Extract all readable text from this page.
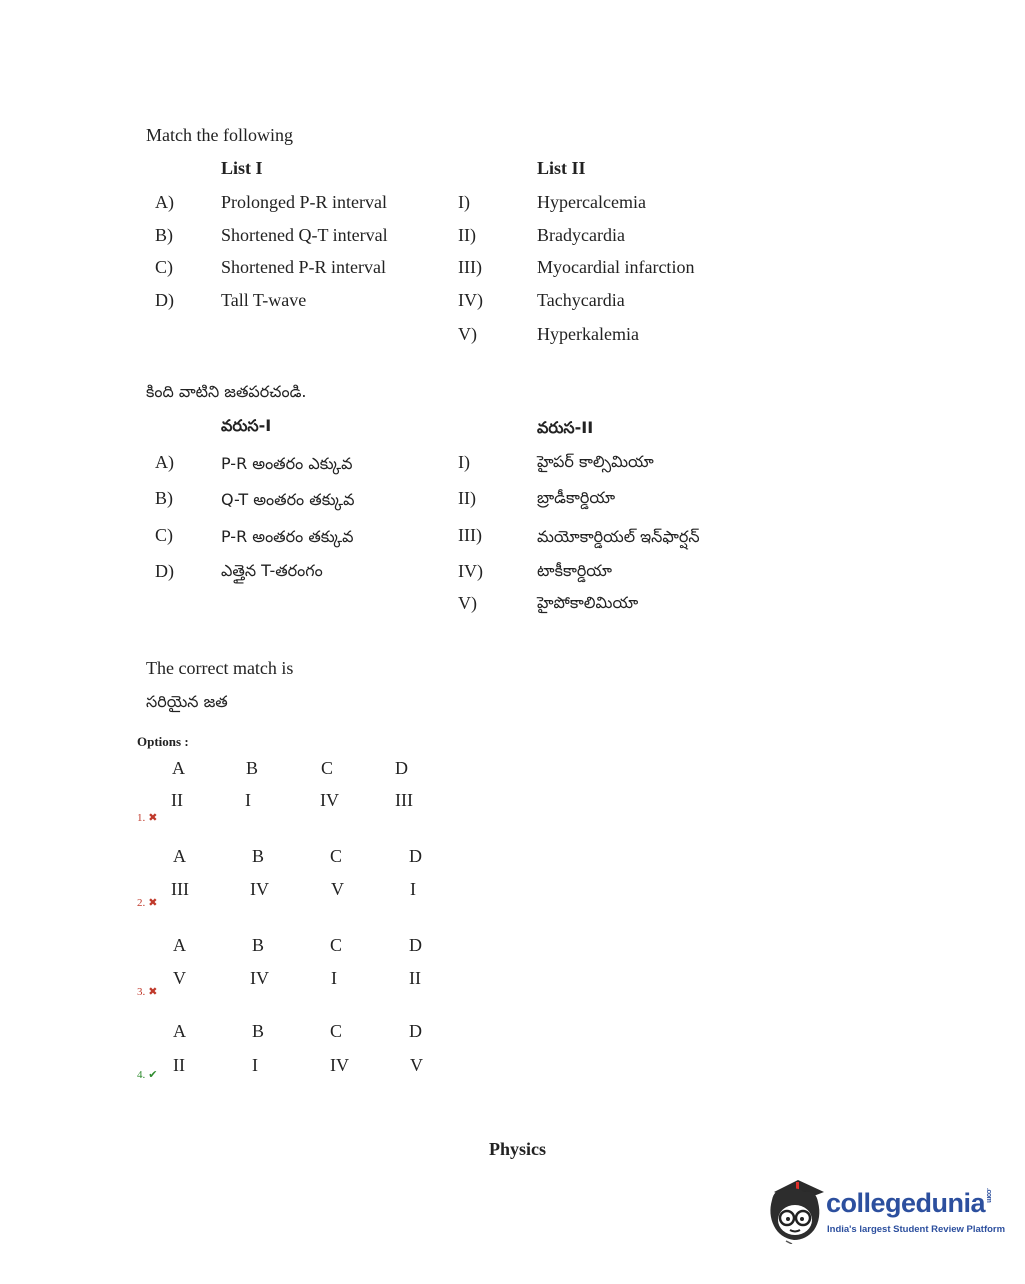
Match the following
List I	List II
A)	Prolonged P-R interval
B)	Shortened Q-T interval
C)	Shortened P-R interval
D)	Tall T-wave
I)	Hypercalcemia
II)	Bradycardia
III)	Myocardial infarction
IV)	Tachycardia
V)	Hyperkalemia
కింది వాటిని జతపరచండి.
వరుస-I	వరుస-II
A)	P-R అంతరం ఎక్కువ
B)	Q-T అంతరం తక్కువ
C)	P-R అంతరం తక్కువ
D)	ఎత్తైన T-తరంగం
I)	హైపర్ కాల్సిమియా
II)	బ్రాడీకార్డియా
III)	మయోకార్డియల్ ఇన్‌ఫార్షన్
IV)	టాకీకార్డియా
V)	హైపోకాలిమియా
The correct match is
సరియైన జత
Options :
A	B	C	D
II	I	IV	III
1. ✖
A	B	C	D
III	IV	V	I
2. ✖
A	B	C	D
V	IV	I	II
3. ✖
A	B	C	D
II	I	IV	V
4. ✔
Physics
collegedunia.com
India's largest Student Review Platform
